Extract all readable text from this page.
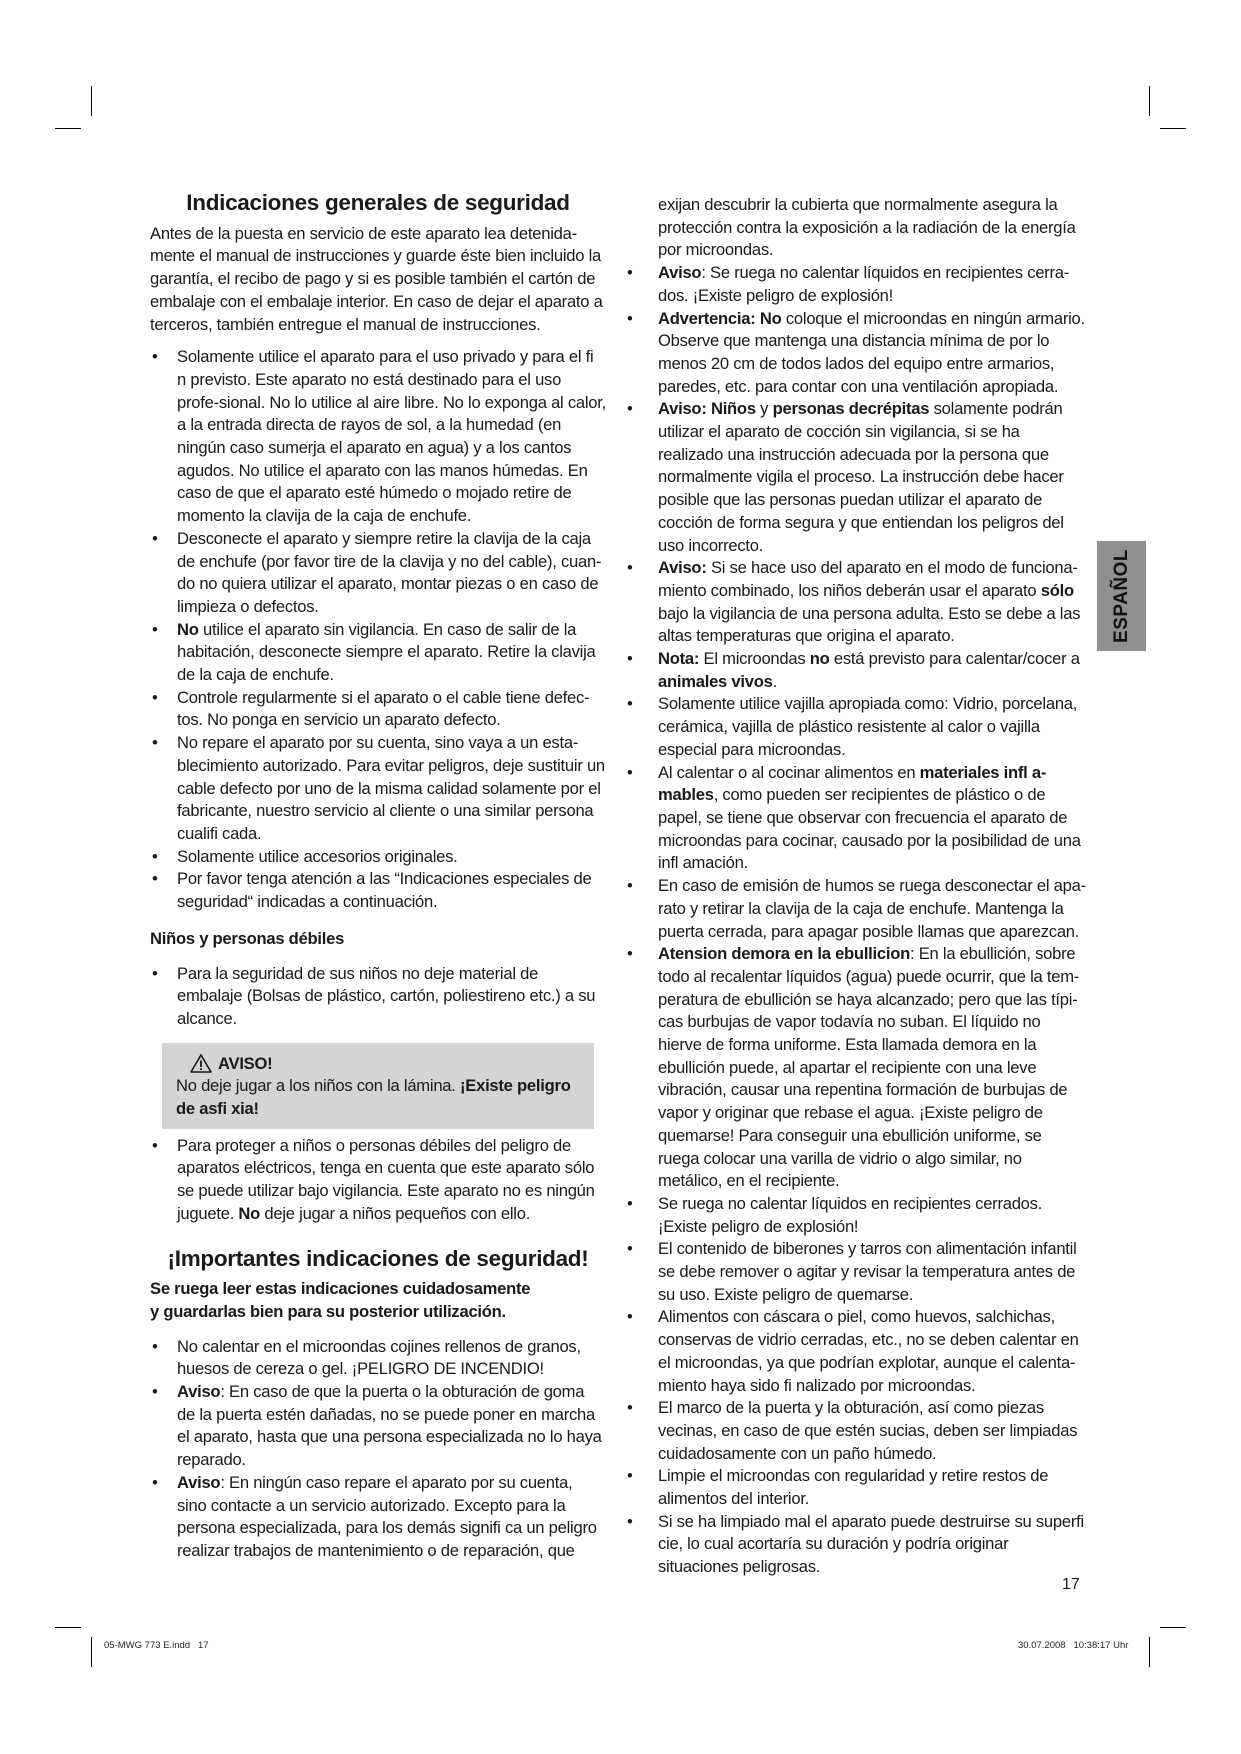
Indicaciones generales de seguridad

Antes de la puesta en servicio de este aparato lea detenida-mente el manual de instrucciones y guarde éste bien incluido la garantía, el recibo de pago y si es posible también el cartón de embalaje con el embalaje interior. En caso de dejar el aparato a terceros, también entregue el manual de instrucciones.

• Solamente utilice el aparato para el uso privado y para el fi n previsto. Este aparato no está destinado para el uso profe-sional. No lo utilice al aire libre. No lo exponga al calor, a la entrada directa de rayos de sol, a la humedad (en ningún caso sumerja el aparato en agua) y a los cantos agudos. No utilice el aparato con las manos húmedas. En caso de que el aparato esté húmedo o mojado retire de momento la clavija de la caja de enchufe.
• Desconecte el aparato y siempre retire la clavija de la caja de enchufe (por favor tire de la clavija y no del cable), cuan-do no quiera utilizar el aparato, montar piezas o en caso de limpieza o defectos.
• No utilice el aparato sin vigilancia. En caso de salir de la habitación, desconecte siempre el aparato. Retire la clavija de la caja de enchufe.
• Controle regularmente si el aparato o el cable tiene defec-tos. No ponga en servicio un aparato defecto.
• No repare el aparato por su cuenta, sino vaya a un esta-blecimiento autorizado. Para evitar peligros, deje sustituir un cable defecto por uno de la misma calidad solamente por el fabricante, nuestro servicio al cliente o una similar persona cualifi cada.
• Solamente utilice accesorios originales.
• Por favor tenga atención a las “Indicaciones especiales de seguridad“ indicadas a continuación.
Niños y personas débiles
• Para la seguridad de sus niños no deje material de embalaje (Bolsas de plástico, cartón, poliestireno etc.) a su alcance.
AVISO!
No deje jugar a los niños con la lámina. ¡Existe peligro de asfi xia!
• Para proteger a niños o personas débiles del peligro de aparatos eléctricos, tenga en cuenta que este aparato sólo se puede utilizar bajo vigilancia. Este aparato no es ningún juguete. No deje jugar a niños pequeños con ello.
¡Importantes indicaciones de seguridad!
Se ruega leer estas indicaciones cuidadosamente
y guardarlas bien para su posterior utilización.
• No calentar en el microondas cojines rellenos de granos, huesos de cereza o gel. ¡PELIGRO DE INCENDIO!
• Aviso: En caso de que la puerta o la obturación de goma de la puerta estén dañadas, no se puede poner en marcha el aparato, hasta que una persona especializada no lo haya reparado.
• Aviso: En ningún caso repare el aparato por su cuenta, sino contacte a un servicio autorizado. Excepto para la persona especializada, para los demás signifi ca un peligro realizar trabajos de mantenimiento o de reparación, que
exijan descubrir la cubierta que normalmente asegura la protección contra la exposición a la radiación de la energía por microondas.
• Aviso: Se ruega no calentar líquidos en recipientes cerra-dos. ¡Existe peligro de explosión!
• Advertencia: No coloque el microondas en ningún armario. Observe que mantenga una distancia mínima de por lo menos 20 cm de todos lados del equipo entre armarios, paredes, etc. para contar con una ventilación apropiada.
• Aviso: Niños y personas decrépitas solamente podrán utilizar el aparato de cocción sin vigilancia, si se ha realizado una instrucción adecuada por la persona que normalmente vigila el proceso. La instrucción debe hacer posible que las personas puedan utilizar el aparato de cocción de forma segura y que entiendan los peligros del uso incorrecto.
• Aviso: Si se hace uso del aparato en el modo de funciona-miento combinado, los niños deberán usar el aparato sólo bajo la vigilancia de una persona adulta. Esto se debe a las altas temperaturas que origina el aparato.
• Nota: El microondas no está previsto para calentar/cocer a animales vivos.
• Solamente utilice vajilla apropiada como: Vidrio, porcelana, cerámica, vajilla de plástico resistente al calor o vajilla especial para microondas.
• Al calentar o al cocinar alimentos en materiales infl a-mables, como pueden ser recipientes de plástico o de papel, se tiene que observar con frecuencia el aparato de microondas para cocinar, causado por la posibilidad de una infl amación.
• En caso de emisión de humos se ruega desconectar el apa-rato y retirar la clavija de la caja de enchufe. Mantenga la puerta cerrada, para apagar posible llamas que aparezcan.
• Atension demora en la ebullicion: En la ebullición, sobre todo al recalentar líquidos (agua) puede ocurrir, que la tem-peratura de ebullición se haya alcanzado; pero que las típi-cas burbujas de vapor todavía no suban. El líquido no hierve de forma uniforme. Esta llamada demora en la ebullición puede, al apartar el recipiente con una leve vibración, causar una repentina formación de burbujas de vapor y originar que rebase el agua. ¡Existe peligro de quemarse! Para conseguir una ebullición uniforme, se ruega colocar una varilla de vidrio o algo similar, no metálico, en el recipiente.
• Se ruega no calentar líquidos en recipientes cerrados. ¡Existe peligro de explosión!
• El contenido de biberones y tarros con alimentación infantil se debe remover o agitar y revisar la temperatura antes de su uso. Existe peligro de quemarse.
• Alimentos con cáscara o piel, como huevos, salchichas, conservas de vidrio cerradas, etc., no se deben calentar en el microondas, ya que podrían explotar, aunque el calenta-miento haya sido fi nalizado por microondas.
• El marco de la puerta y la obturación, así como piezas vecinas, en caso de que estén sucias, deben ser limpiadas cuidadosamente con un paño húmedo.
• Limpie el microondas con regularidad y retire restos de alimentos del interior.
• Si se ha limpiado mal el aparato puede destruirse su superfi cie, lo cual acortaría su duración y podría originar situaciones peligrosas.
ESPAÑOL
17
05-MWG 773 E.indd   17	30.07.2008   10:38:17 Uhr
